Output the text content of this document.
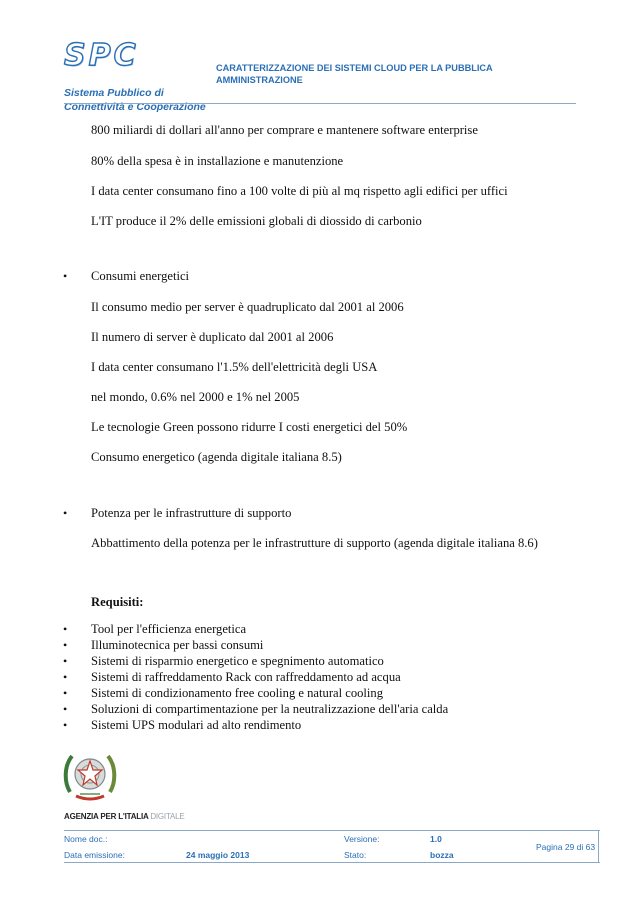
SPC
Sistema Pubblico di
Connettività e Cooperazione
CARATTERIZZAZIONE DEI SISTEMI CLOUD PER LA PUBBLICA
AMMINISTRAZIONE
800 miliardi di dollari all'anno per comprare e mantenere software enterprise
80% della spesa è in installazione e manutenzione
I data center consumano fino a 100 volte di più al mq rispetto agli edifici per uffici
L'IT produce il 2% delle emissioni globali di diossido di carbonio
• Consumi energetici
Il consumo medio per server è quadruplicato dal 2001 al 2006
Il numero di server è duplicato dal 2001 al 2006
I data center consumano l'1.5% dell'elettricità degli USA
nel mondo, 0.6% nel 2000 e 1% nel 2005
Le tecnologie Green possono ridurre I costi energetici del 50%
Consumo energetico (agenda digitale italiana 8.5)
• Potenza per le infrastrutture di supporto
Abbattimento della potenza per le infrastrutture di supporto (agenda digitale italiana 8.6)
Requisiti:
• Tool per l'efficienza energetica
• Illuminotecnica per bassi consumi
• Sistemi di risparmio energetico e spegnimento automatico
• Sistemi di raffreddamento Rack con raffreddamento ad acqua
• Sistemi di condizionamento free cooling e natural cooling
• Soluzioni di compartimentazione per la neutralizzazione dell'aria calda
• Sistemi UPS modulari ad alto rendimento
AGENZIA PER L'ITALIA DIGITALE
Nome doc.:
Data emissione:	24 maggio 2013
Versione:	1.0
Stato:	bozza
Pagina 29 di 63
